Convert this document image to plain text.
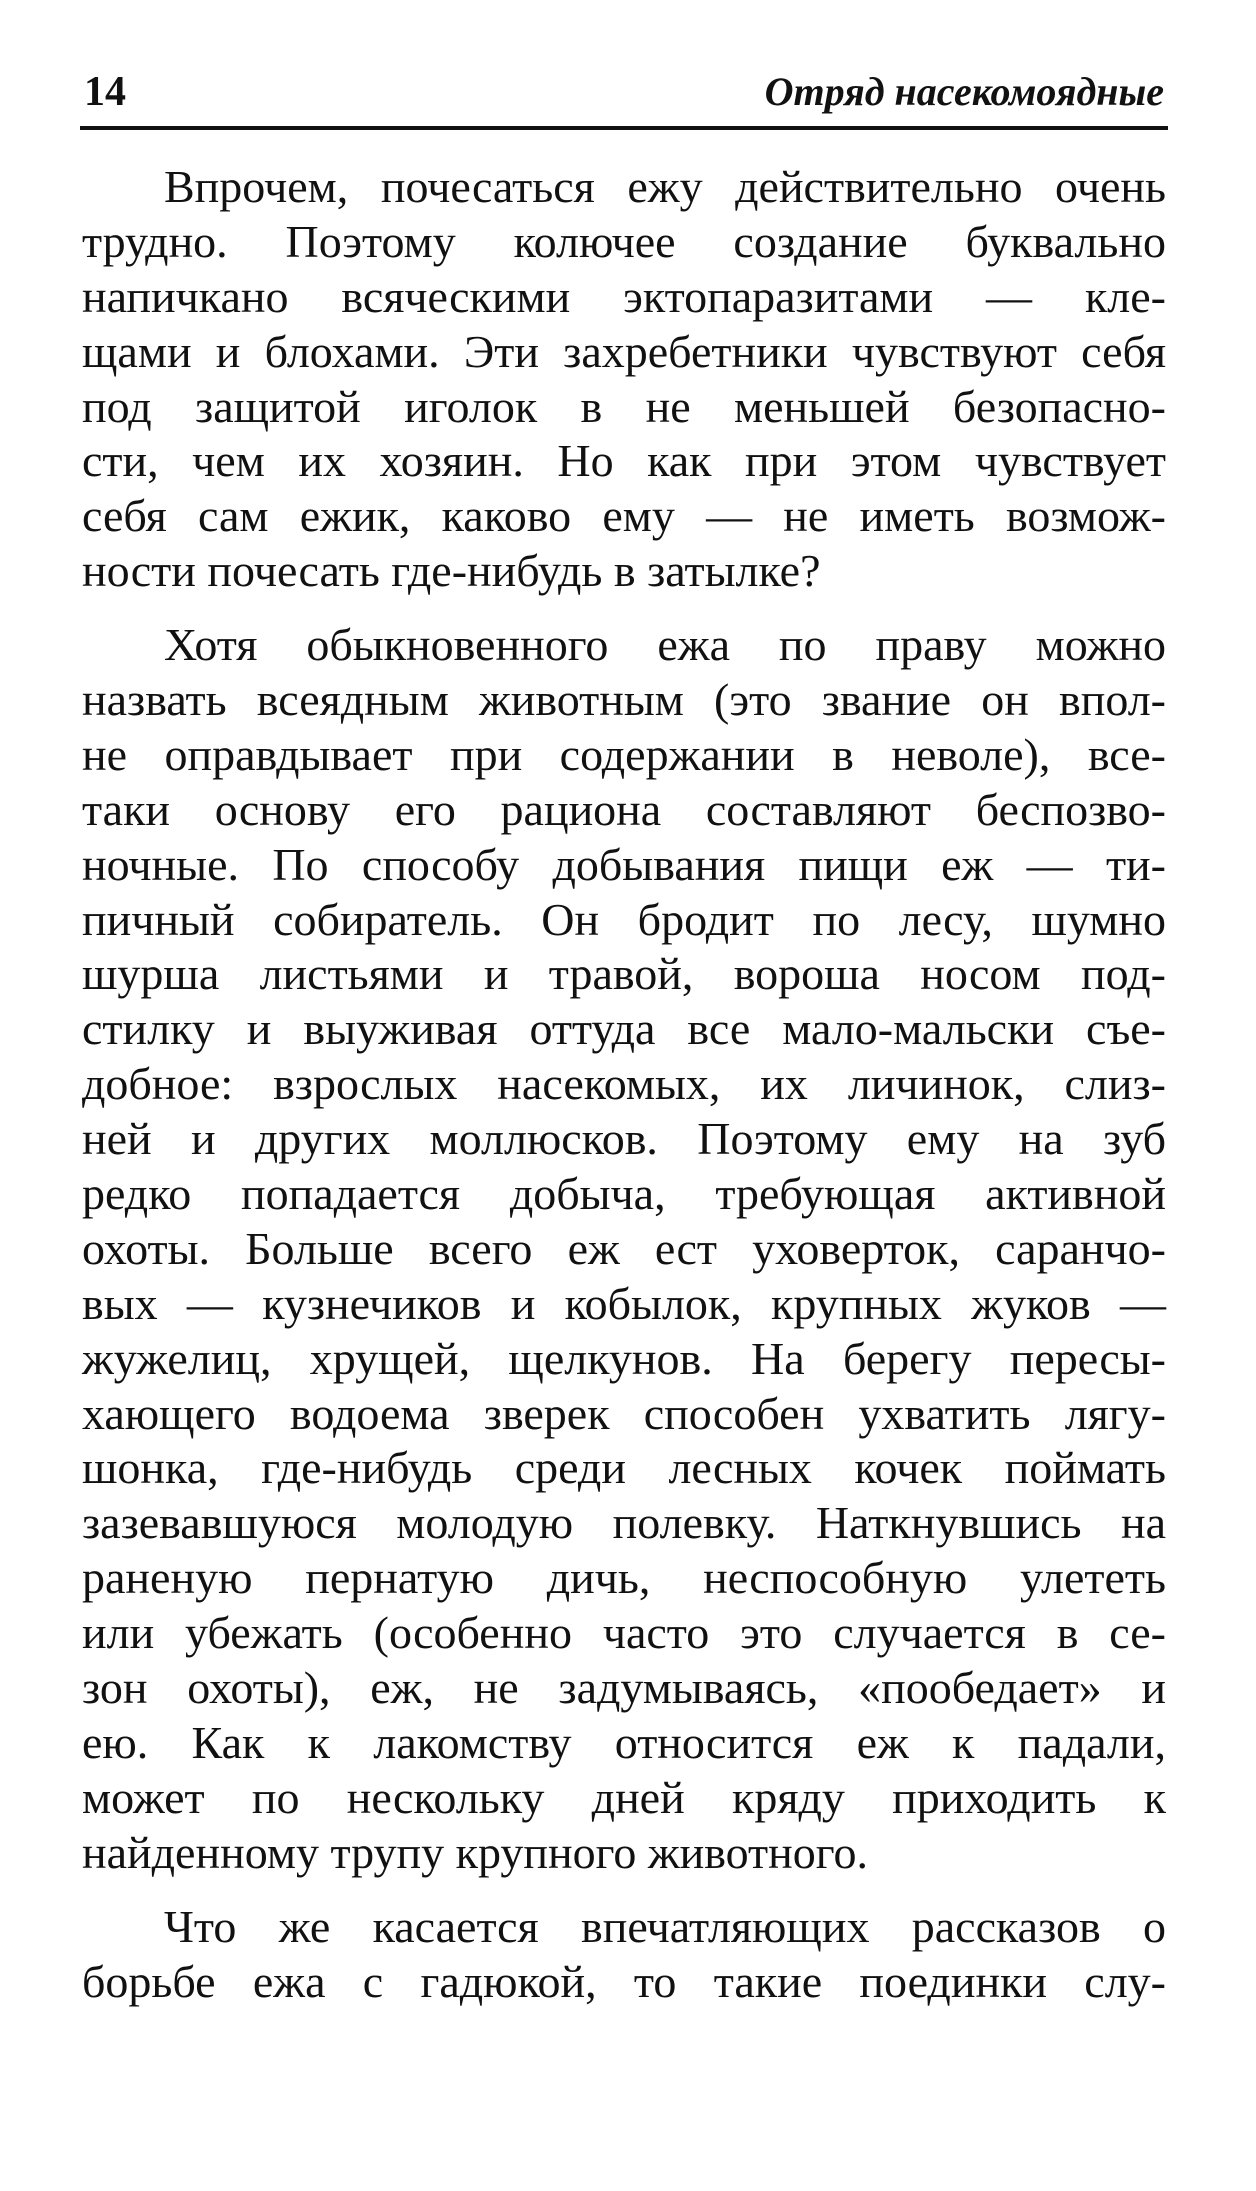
14	Отряд насекомоядные
Впрочем, почесаться ежу действительно очень
трудно. Поэтому колючее создание буквально
напичкано всяческими эктопаразитами — кле-
щами и блохами. Эти захребетники чувствуют себя
под защитой иголок в не меньшей безопасно-
сти, чем их хозяин. Но как при этом чувствует
себя сам ежик, каково ему — не иметь возмож-
ности почесать где-нибудь в затылке?
Хотя обыкновенного ежа по праву можно
назвать всеядным животным (это звание он впол-
не оправдывает при содержании в неволе), все-
таки основу его рациона составляют беспозво-
ночные. По способу добывания пищи еж — ти-
пичный собиратель. Он бродит по лесу, шумно
шурша листьями и травой, вороша носом под-
стилку и выуживая оттуда все мало-мальски съе-
добное: взрослых насекомых, их личинок, слиз-
ней и других моллюсков. Поэтому ему на зуб
редко попадается добыча, требующая активной
охоты. Больше всего еж ест уховерток, саранчо-
вых — кузнечиков и кобылок, крупных жуков —
жужелиц, хрущей, щелкунов. На берегу пересы-
хающего водоема зверек способен ухватить лягу-
шонка, где-нибудь среди лесных кочек поймать
зазевавшуюся молодую полевку. Наткнувшись на
раненую пернатую дичь, неспособную улететь
или убежать (особенно часто это случается в се-
зон охоты), еж, не задумываясь, «пообедает» и
ею. Как к лакомству относится еж к падали,
может по нескольку дней кряду приходить к
найденному трупу крупного животного.
Что же касается впечатляющих рассказов о
борьбе ежа с гадюкой, то такие поединки слу-
